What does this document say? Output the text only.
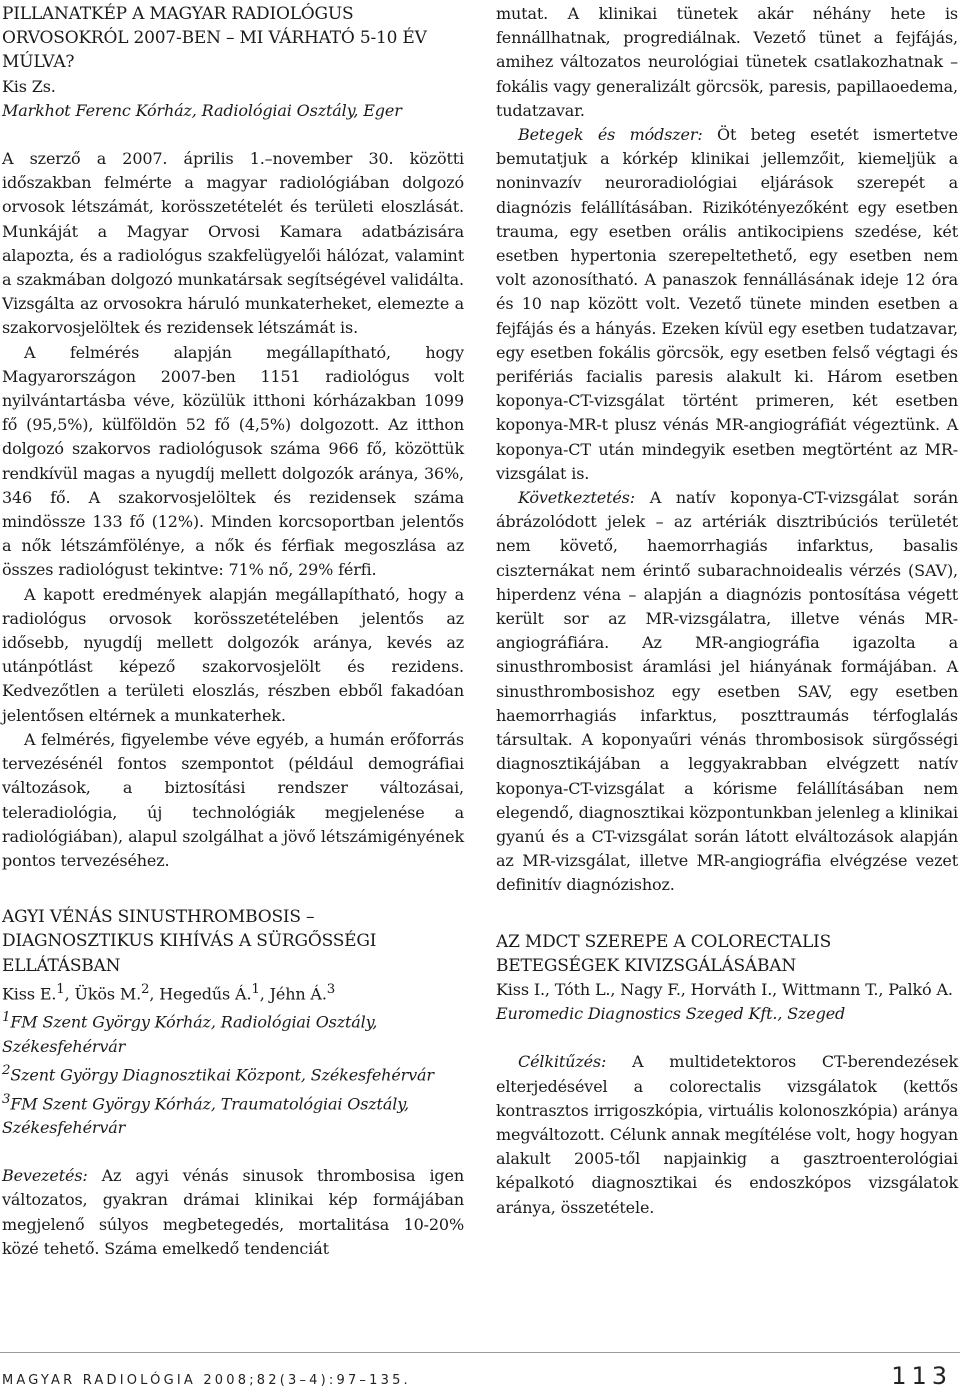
PILLANATKÉP A MAGYAR RADIOLÓGUS ORVOSOKRÓL 2007-BEN – MI VÁRHATÓ 5-10 ÉV MÚLVA?

Kis Zs.

Markhot Ferenc Kórház, Radiológiai Osztály, Eger

A szerző a 2007. április 1.–november 30. közötti időszakban felmérte a magyar radiológiában dolgozó orvosok létszámát, korösszetételét és területi eloszlását. Munkáját a Magyar Orvosi Kamara adatbázisára alapozta, és a radiológus szakfelügyelői hálózat, valamint a szakmában dolgozó munkatársak segítségével validálta. Vizsgálta az orvosokra háruló munkaterheket, elemezte a szakorvosjelöltek és rezidensek létszámát is.

A felmérés alapján megállapítható, hogy Magyarországon 2007-ben 1151 radiológus volt nyilvántartásba véve, közülük itthoni kórházakban 1099 fő (95,5%), külföldön 52 fő (4,5%) dolgozott. Az itthon dolgozó szakorvos radiológusok száma 966 fő, közöttük rendkívül magas a nyugdíj mellett dolgozók aránya, 36%, 346 fő. A szakorvosjelöltek és rezidensek száma mindössze 133 fő (12%). Minden korcsoportban jelentős a nők létszámfölénye, a nők és férfiak megoszlása az összes radiológust tekintve: 71% nő, 29% férfi.

A kapott eredmények alapján megállapítható, hogy a radiológus orvosok korösszetételében jelentős az idősebb, nyugdíj mellett dolgozók aránya, kevés az utánpótlást képező szakorvosjelölt és rezidens. Kedvezőtlen a területi eloszlás, részben ebből fakadóan jelentősen eltérnek a munkaterhek.

A felmérés, figyelembe véve egyéb, a humán erőforrás tervezésénél fontos szempontot (például demográfiai változások, a biztosítási rendszer változásai, teleradiológia, új technológiák megjelenése a radiológiában), alapul szolgálhat a jövő létszámigényének pontos tervezéséhez.

AGYI VÉNÁS SINUSTHROMBOSIS – DIAGNOSZTIKUS KIHÍVÁS A SÜRGŐSSÉGI ELLÁTÁSBAN

Kiss E.$^1$, Ükös M.$^2$, Hegedűs Á.$^1$, Jéhn Á.$^3$

$^1$FM Szent György Kórház, Radiológiai Osztály, Székesfehérvár

$^2$Szent György Diagnosztikai Központ, Székesfehérvár

$^3$FM Szent György Kórház, Traumatológiai Osztály, Székesfehérvár

Bevezetés: Az agyi vénás sinusok thrombosisa igen változatos, gyakran drámai klinikai kép formájában megjelenő súlyos megbetegedés, mortalitása 10-20% közé tehető. Száma emelkedő tendenciát

mutat. A klinikai tünetek akár néhány hete is fennállhatnak, progrediálnak. Vezető tünet a fejfájás, amihez változatos neurológiai tünetek csatlakozhatnak – fokális vagy generalizált görcsök, paresis, papillaoedema, tudatzavar.

Betegek és módszer: Öt beteg esetét ismertetve bemutatjuk a kórkép klinikai jellemzőit, kiemeljük a noninvazív neuroradiológiai eljárások szerepét a diagnózis felállításában. Rizikótényezőként egy esetben trauma, egy esetben orális antikocipiens szedése, két esetben hypertonia szerepeltethető, egy esetben nem volt azonosítható. A panaszok fennállásának ideje 12 óra és 10 nap között volt. Vezető tünete minden esetben a fejfájás és a hányás. Ezeken kívül egy esetben tudatzavar, egy esetben fokális görcsök, egy esetben felső végtagi és perifériás facialis paresis alakult ki. Három esetben koponya-CT-vizsgálat történt primeren, két esetben koponya-MR-t plusz vénás MR-angiográfiát végeztünk. A koponya-CT után mindegyik esetben megtörtént az MR-vizsgálat is.

Következtetés: A natív koponya-CT-vizsgálat során ábrázolódott jelek – az artériák disztribúciós területét nem követő, haemorrhagiás infarktus, basalis ciszternákat nem érintő subarachnoidealis vérzés (SAV), hiperdenz véna – alapján a diagnózis pontosítása végett került sor az MR-vizsgálatra, illetve vénás MR-angiográfiára. Az MR-angiográfia igazolta a sinusthrombosist áramlási jel hiányának formájában. A sinusthrombosishoz egy esetben SAV, egy esetben haemorrhagiás infarktus, poszttraumás térfoglalás társultak. A koponyaűri vénás thrombosisok sürgősségi diagnosztikájában a leggyakrabban elvégzett natív koponya-CT-vizsgálat a kórisme felállításában nem elegendő, diagnosztikai központunkban jelenleg a klinikai gyanú és a CT-vizsgálat során látott elváltozások alapján az MR-vizsgálat, illetve MR-angiográfia elvégzése vezet definitív diagnózishoz.

AZ MDCT SZEREPE A COLORECTALIS BETEGSÉGEK KIVIZSGÁLÁSÁBAN

Kiss I., Tóth L., Nagy F., Horváth I., Wittmann T., Palkó A.

Euromedic Diagnostics Szeged Kft., Szeged

Célkitűzés: A multidetektoros CT-berendezések elterjedésével a colorectalis vizsgálatok (kettős kontrasztos irrigoszkópia, virtuális kolonoszkópia) aránya megváltozott. Célunk annak megítélése volt, hogy hogyan alakult 2005-től napjainkig a gasztroenterológiai képalkotó diagnosztikai és endoszkópos vizsgálatok aránya, összetétele.

MAGYAR RADIOLÓGIA 2008;82(3–4):97–135.	113
